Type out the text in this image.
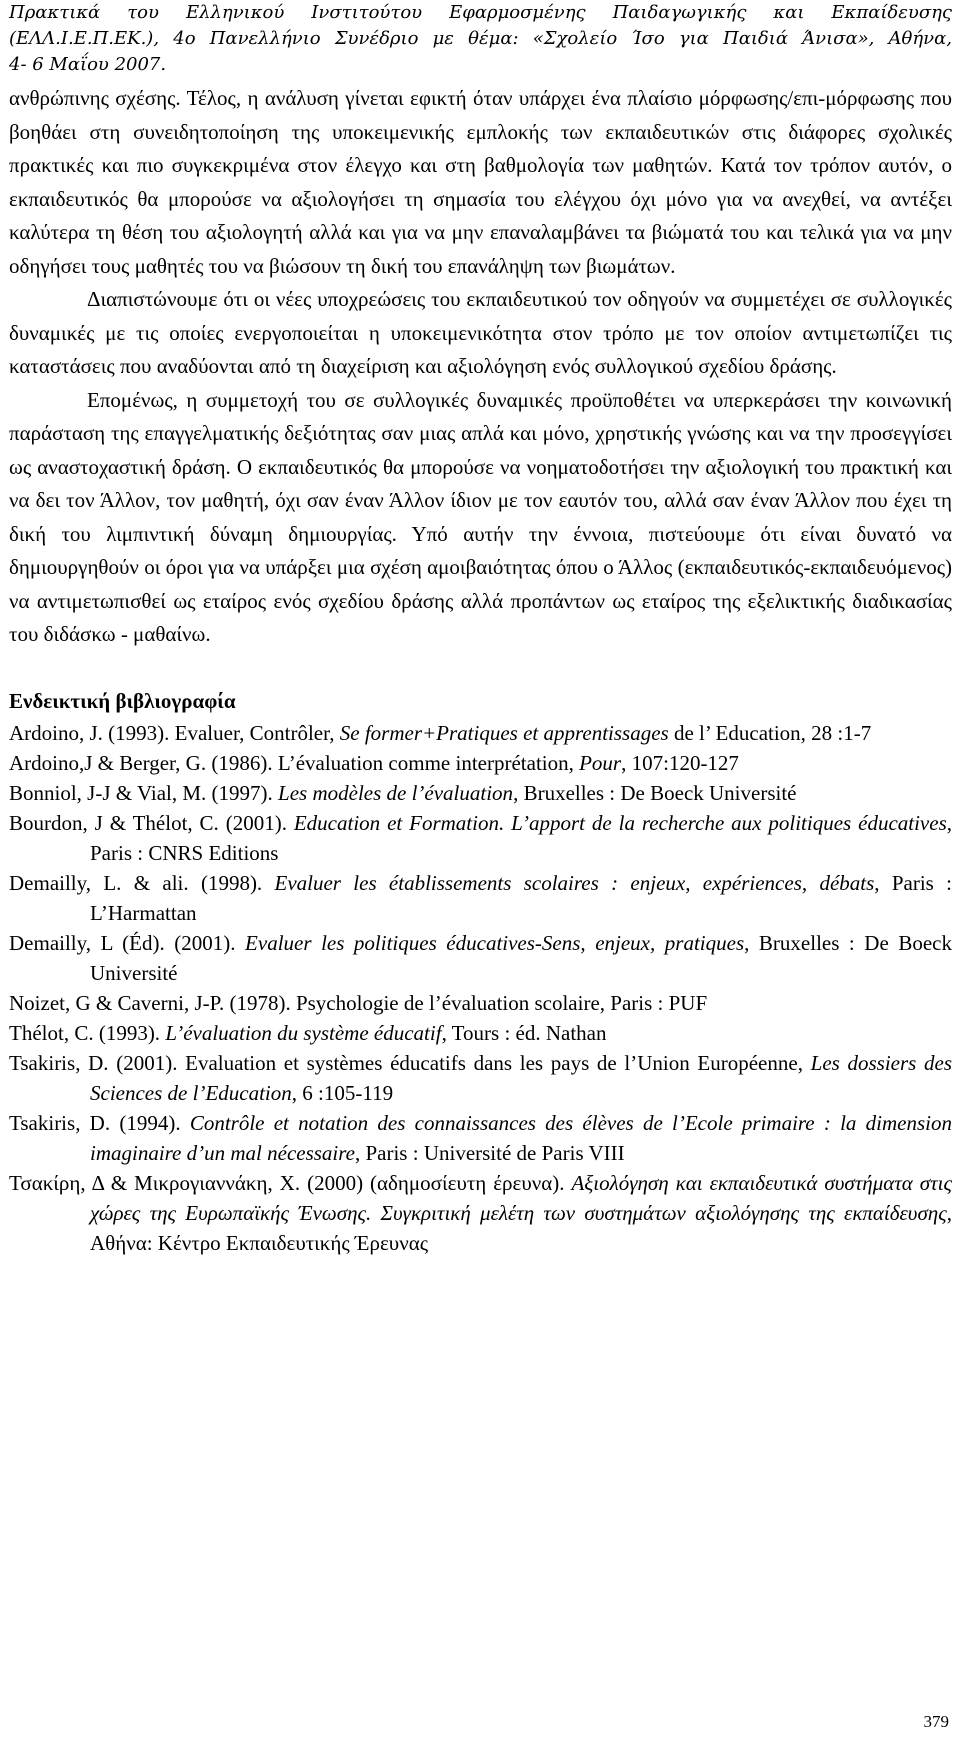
Πρακτικά του Ελληνικού Ινστιτούτου Εφαρμοσμένης Παιδαγωγικής και Εκπαίδευσης

(ΕΛΛ.Ι.Ε.Π.ΕΚ.), 4ο Πανελλήνιο Συνέδριο με θέμα: «Σχολείο Ίσο για Παιδιά Άνισα», Αθήνα,

4- 6 Μαΐου 2007.

ανθρώπινης σχέσης. Τέλος, η ανάλυση γίνεται εφικτή όταν υπάρχει ένα πλαίσιο μόρφωσης/επι-μόρφωσης που βοηθάει στη συνειδητοποίηση της υποκειμενικής εμπλοκής των εκπαιδευτικών στις διάφορες σχολικές πρακτικές και πιο συγκεκριμένα στον έλεγχο και στη βαθμολογία των μαθητών. Κατά τον τρόπον αυτόν, ο εκπαιδευτικός θα μπορούσε να αξιολογήσει τη σημασία του ελέγχου όχι μόνο για να ανεχθεί, να αντέξει καλύτερα τη θέση του αξιολογητή αλλά και για να μην επαναλαμβάνει τα βιώματά του και τελικά για να μην οδηγήσει τους μαθητές του να βιώσουν τη δική του επανάληψη των βιωμάτων.

Διαπιστώνουμε ότι οι νέες υποχρεώσεις του εκπαιδευτικού τον οδηγούν να συμμετέχει σε συλλογικές δυναμικές με τις οποίες ενεργοποιείται η υποκειμενικότητα στον τρόπο με τον οποίον αντιμετωπίζει τις καταστάσεις που αναδύονται από τη διαχείριση και αξιολόγηση ενός συλλογικού σχεδίου δράσης.

Επομένως, η συμμετοχή του σε συλλογικές δυναμικές προϋποθέτει να υπερκεράσει την κοινωνική παράσταση της επαγγελματικής δεξιότητας σαν μιας απλά και μόνο, χρηστικής γνώσης και να την προσεγγίσει ως αναστοχαστική δράση. Ο εκπαιδευτικός θα μπορούσε να νοηματοδοτήσει την αξιολογική του πρακτική και να δει τον Άλλον, τον μαθητή, όχι σαν έναν Άλλον ίδιον με τον εαυτόν του, αλλά σαν έναν Άλλον που έχει τη δική του λιμπιντική δύναμη δημιουργίας. Υπό αυτήν την έννοια, πιστεύουμε ότι είναι δυνατό να δημιουργηθούν οι όροι για να υπάρξει μια σχέση αμοιβαιότητας όπου ο Άλλος (εκπαιδευτικός-εκπαιδευόμενος) να αντιμετωπισθεί ως εταίρος ενός σχεδίου δράσης αλλά προπάντων ως εταίρος της εξελικτικής διαδικασίας του διδάσκω - μαθαίνω.

Ενδεικτική βιβλιογραφία

Ardoino, J. (1993). Evaluer, Contrôler, Se former+Pratiques et apprentissages de l’ Education, 28 :1-7

Ardoino,J & Berger, G. (1986). L’évaluation comme interprétation, Pour, 107:120-127

Bonniol, J-J & Vial, M. (1997). Les modèles de l’évaluation, Bruxelles : De Boeck Université

Bourdon, J & Thélot, C. (2001). Education et Formation. L’apport de la recherche aux politiques éducatives, Paris : CNRS Editions

Demailly, L. & ali. (1998). Evaluer les établissements scolaires : enjeux, expériences, débats, Paris : L’Harmattan

Demailly, L (Éd). (2001). Evaluer les politiques éducatives-Sens, enjeux, pratiques, Bruxelles : De Boeck Université

Noizet, G & Caverni, J-P. (1978). Psychologie de l’évaluation scolaire, Paris : PUF

Thélot, C. (1993). L’évaluation du système éducatif, Tours : éd. Nathan

Tsakiris, D. (2001). Evaluation et systèmes éducatifs dans les pays de l’Union Européenne, Les dossiers des Sciences de l’Education, 6 :105-119

Tsakiris, D. (1994). Contrôle et notation des connaissances des élèves de l’Ecole primaire : la dimension imaginaire d’un mal nécessaire, Paris : Université de Paris VIII

Τσακίρη, Δ & Μικρογιαννάκη, Χ. (2000) (αδημοσίευτη έρευνα). Αξιολόγηση και εκπαιδευτικά συστήματα στις χώρες της Ευρωπαϊκής Ένωσης. Συγκριτική μελέτη των συστημάτων αξιολόγησης της εκπαίδευσης, Αθήνα: Κέντρο Εκπαιδευτικής Έρευνας

379
